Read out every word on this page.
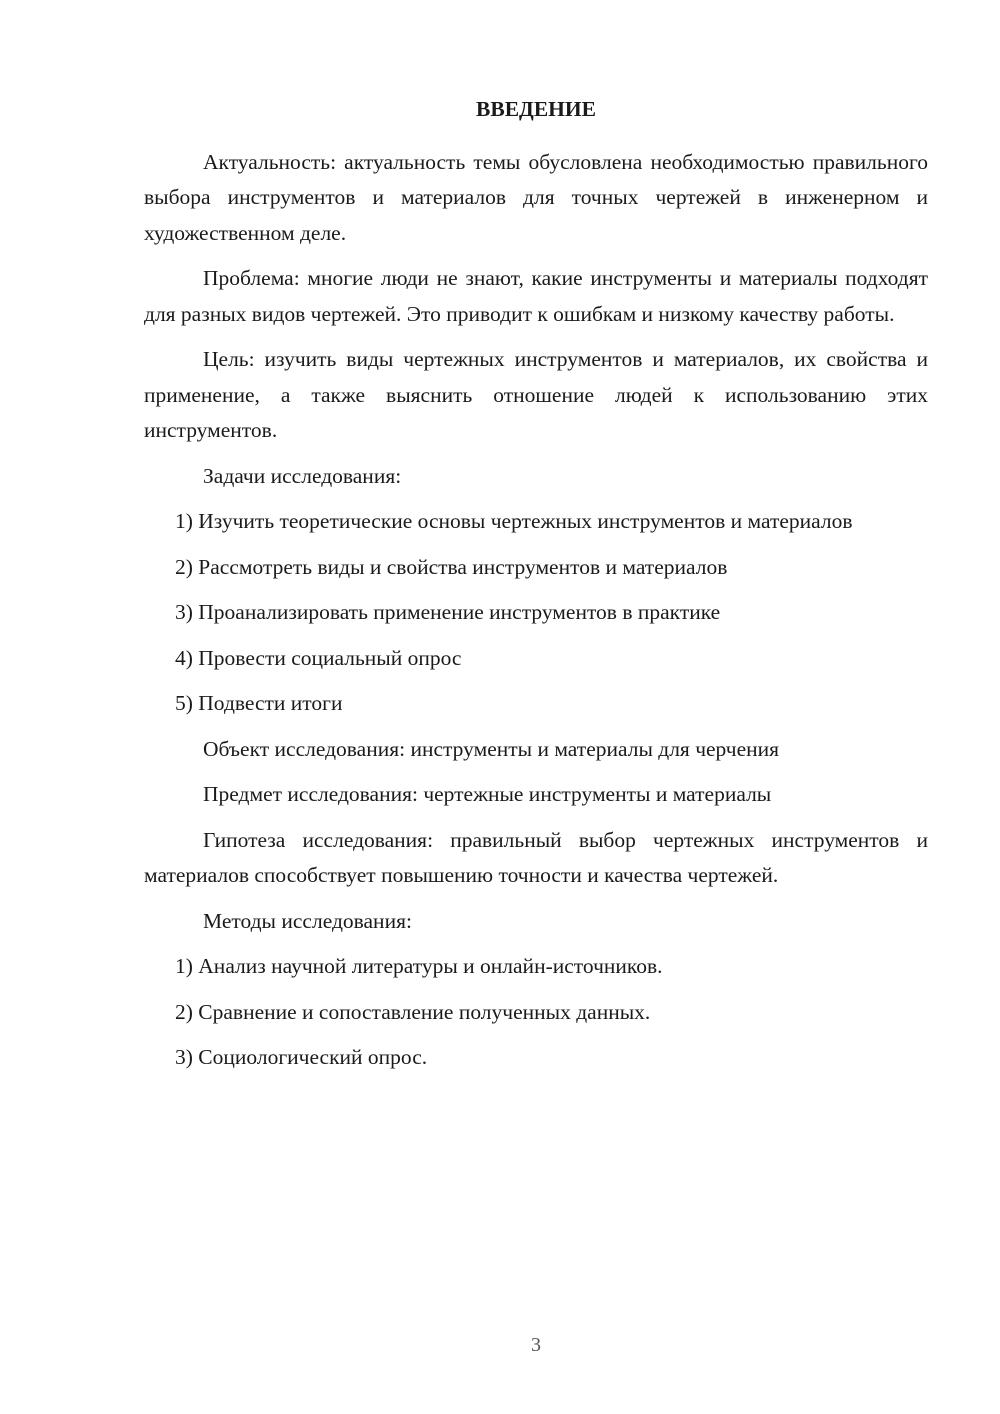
ВВЕДЕНИЕ

Актуальность: актуальность темы обусловлена необходимостью правильного выбора инструментов и материалов для точных чертежей в инженерном и художественном деле.

Проблема: многие люди не знают, какие инструменты и материалы подходят для разных видов чертежей. Это приводит к ошибкам и низкому качеству работы.

Цель: изучить виды чертежных инструментов и материалов, их свойства и применение, а также выяснить отношение людей к использованию этих инструментов.

Задачи исследования:

1) Изучить теоретические основы чертежных инструментов и материалов

2) Рассмотреть виды и свойства инструментов и материалов

3) Проанализировать применение инструментов в практике

4) Провести социальный опрос

5) Подвести итоги

Объект исследования: инструменты и материалы для черчения

Предмет исследования: чертежные инструменты и материалы

Гипотеза исследования: правильный выбор чертежных инструментов и материалов способствует повышению точности и качества чертежей.

Методы исследования:

1) Анализ научной литературы и онлайн-источников.

2) Сравнение и сопоставление полученных данных.

3) Социологический опрос.

3
